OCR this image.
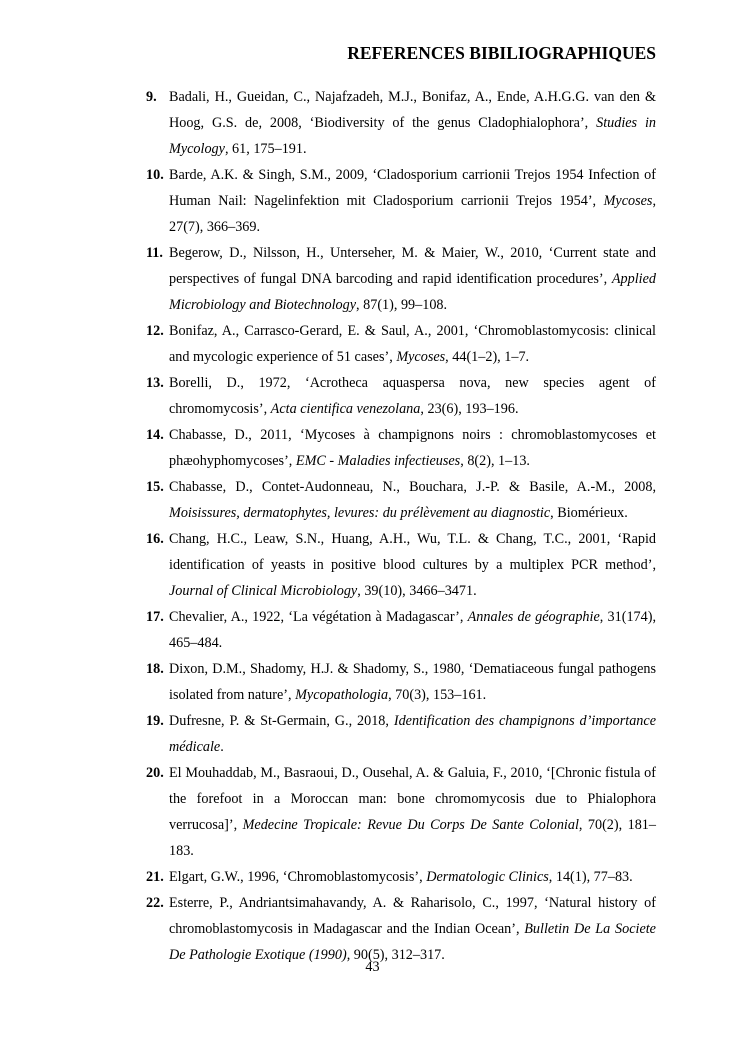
REFERENCES BIBILIOGRAPHIQUES
9. Badali, H., Gueidan, C., Najafzadeh, M.J., Bonifaz, A., Ende, A.H.G.G. van den & Hoog, G.S. de, 2008, ‘Biodiversity of the genus Cladophialophora’, Studies in Mycology, 61, 175–191.
10. Barde, A.K. & Singh, S.M., 2009, ‘Cladosporium carrionii Trejos 1954 Infection of Human Nail: Nagelinfektion mit Cladosporium carrionii Trejos 1954’, Mycoses, 27(7), 366–369.
11. Begerow, D., Nilsson, H., Unterseher, M. & Maier, W., 2010, ‘Current state and perspectives of fungal DNA barcoding and rapid identification procedures’, Applied Microbiology and Biotechnology, 87(1), 99–108.
12. Bonifaz, A., Carrasco-Gerard, E. & Saul, A., 2001, ‘Chromoblastomycosis: clinical and mycologic experience of 51 cases’, Mycoses, 44(1–2), 1–7.
13. Borelli, D., 1972, ‘Acrotheca aquaspersa nova, new species agent of chromomycosis’, Acta cientifica venezolana, 23(6), 193–196.
14. Chabasse, D., 2011, ‘Mycoses à champignons noirs : chromoblastomycoses et phæohyphomycoses’, EMC - Maladies infectieuses, 8(2), 1–13.
15. Chabasse, D., Contet-Audonneau, N., Bouchara, J.-P. & Basile, A.-M., 2008, Moisissures, dermatophytes, levures: du prélèvement au diagnostic, Biomérieux.
16. Chang, H.C., Leaw, S.N., Huang, A.H., Wu, T.L. & Chang, T.C., 2001, ‘Rapid identification of yeasts in positive blood cultures by a multiplex PCR method’, Journal of Clinical Microbiology, 39(10), 3466–3471.
17. Chevalier, A., 1922, ‘La végétation à Madagascar’, Annales de géographie, 31(174), 465–484.
18. Dixon, D.M., Shadomy, H.J. & Shadomy, S., 1980, ‘Dematiaceous fungal pathogens isolated from nature’, Mycopathologia, 70(3), 153–161.
19. Dufresne, P. & St-Germain, G., 2018, Identification des champignons d’importance médicale.
20. El Mouhaddab, M., Basraoui, D., Ousehal, A. & Galuia, F., 2010, ‘[Chronic fistula of the forefoot in a Moroccan man: bone chromomycosis due to Phialophora verrucosa]’, Medecine Tropicale: Revue Du Corps De Sante Colonial, 70(2), 181–183.
21. Elgart, G.W., 1996, ‘Chromoblastomycosis’, Dermatologic Clinics, 14(1), 77–83.
22. Esterre, P., Andriantsimahavandy, A. & Raharisolo, C., 1997, ‘Natural history of chromoblastomycosis in Madagascar and the Indian Ocean’, Bulletin De La Societe De Pathologie Exotique (1990), 90(5), 312–317.
43
